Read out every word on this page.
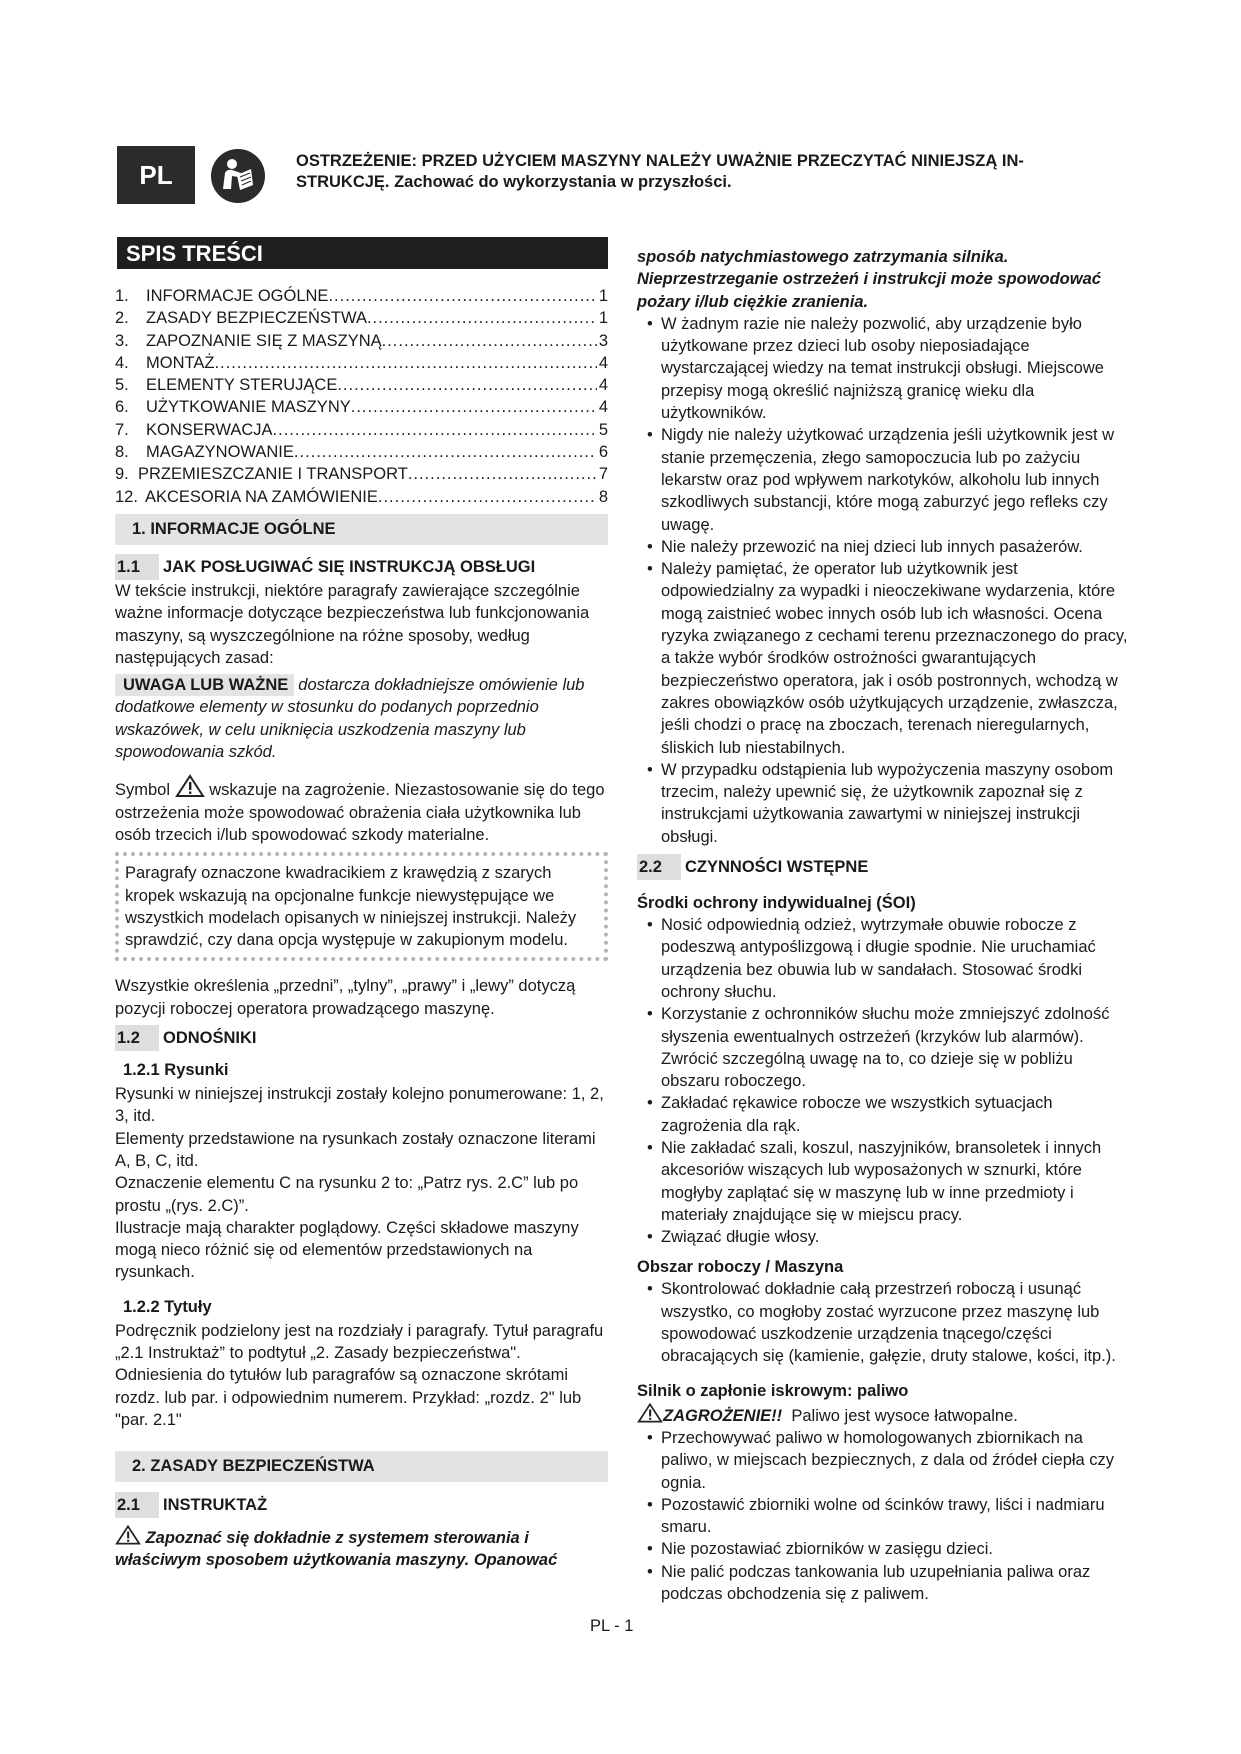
PL	OSTRZEŻENIE: PRZED UŻYCIEM MASZYNY NALEŻY UWAŻNIE PRZECZYTAĆ NINIEJSZĄ IN-STRUKCJĘ. Zachować do wykorzystania w przyszłości.
SPIS TREŚCI
1.	INFORMACJE OGÓLNE .....	1
2.	ZASADY BEZPIECZEŃSTWA .....	1
3.	ZAPOZNANIE SIĘ Z MASZYNĄ .....	3
4.	MONTAŻ .....	4
5.	ELEMENTY STERUJĄCE .....	4
6.	UŻYTKOWANIE MASZYNY .....	4
7.	KONSERWACJA .....	5
8.	MAGAZYNOWANIE .....	6
9. PRZEMIESZCZANIE I TRANSPORT .....	7
12. AKCESORIA NA ZAMÓWIENIE .....	8
1. INFORMACJE OGÓLNE
1.1 JAK POSŁUGIWAĆ SIĘ INSTRUKCJĄ OBSŁUGI

W tekście instrukcji, niektóre paragrafy zawierające szczególnie ważne informacje dotyczące bezpieczeństwa lub funkcjonowania maszyny, są wyszczególnione na różne sposoby, według następujących zasad:

UWAGA LUB WAŻNE dostarcza dokładniejsze omówienie lub dodatkowe elementy w stosunku do podanych poprzednio wskazówek, w celu uniknięcia uszkodzenia maszyny lub spowodowania szkód.

Symbol wskazuje na zagrożenie. Niezastosowanie się do tego ostrzeżenia może spowodować obrażenia ciała użytkownika lub osób trzecich i/lub spowodować szkody materialne.

Paragrafy oznaczone kwadracikiem z krawędzią z szarych kropek wskazują na opcjonalne funkcje niewystępujące we wszystkich modelach opisanych w niniejszej instrukcji. Należy sprawdzić, czy dana opcja występuje w zakupionym modelu.

Wszystkie określenia „przedni”, „tylny”, „prawy” i „lewy” dotyczą pozycji roboczej operatora prowadzącego maszynę.

1.2 ODNOŚNIKI
1.2.1 Rysunki

Rysunki w niniejszej instrukcji zostały kolejno ponumerowane: 1, 2, 3, itd.

Elementy przedstawione na rysunkach zostały oznaczone literami A, B, C, itd.

Oznaczenie elementu C na rysunku 2 to: „Patrz rys. 2.C” lub po prostu „(rys. 2.C)”.

Ilustracje mają charakter poglądowy. Części składowe maszyny mogą nieco różnić się od elementów przedstawionych na rysunkach.

1.2.2 Tytuły

Podręcznik podzielony jest na rozdziały i paragrafy. Tytuł paragrafu „2.1 Instruktaż” to podtytuł „2. Zasady bezpieczeństwa". Odniesienia do tytułów lub paragrafów są oznaczone skrótami rozdz. lub par. i odpowiednim numerem. Przykład: „rozdz. 2" lub "par. 2.1"

2. ZASADY BEZPIECZEŃSTWA
2.1 INSTRUKTAŻ

Zapoznać się dokładnie z systemem sterowania i właściwym sposobem użytkowania maszyny. Opanować

sposób natychmiastowego zatrzymania silnika. Nieprzestrzeganie ostrzeżeń i instrukcji może spowodować pożary i/lub ciężkie zranienia.

• W żadnym razie nie należy pozwolić, aby urządzenie było użytkowane przez dzieci lub osoby nieposiadające wystarczającej wiedzy na temat instrukcji obsługi. Miejscowe przepisy mogą określić najniższą granicę wieku dla użytkowników.

• Nigdy nie należy użytkować urządzenia jeśli użytkownik jest w stanie przemęczenia, złego samopoczucia lub po zażyciu lekarstw oraz pod wpływem narkotyków, alkoholu lub innych szkodliwych substancji, które mogą zaburzyć jego refleks czy uwagę.

• Nie należy przewozić na niej dzieci lub innych pasażerów.

• Należy pamiętać, że operator lub użytkownik jest odpowiedzialny za wypadki i nieoczekiwane wydarzenia, które mogą zaistnieć wobec innych osób lub ich własności. Ocena ryzyka związanego z cechami terenu przeznaczonego do pracy, a także wybór środków ostrożności gwarantujących bezpieczeństwo operatora, jak i osób postronnych, wchodzą w zakres obowiązków osób użytkujących urządzenie, zwłaszcza, jeśli chodzi o pracę na zboczach, terenach nieregularnych, śliskich lub niestabilnych.

• W przypadku odstąpienia lub wypożyczenia maszyny osobom trzecim, należy upewnić się, że użytkownik zapoznał się z instrukcjami użytkowania zawartymi w niniejszej instrukcji obsługi.

2.2 CZYNNOŚCI WSTĘPNE
Środki ochrony indywidualnej (ŚOI)

• Nosić odpowiednią odzież, wytrzymałe obuwie robocze z podeszwą antypoślizgową i długie spodnie. Nie uruchamiać urządzenia bez obuwia lub w sandałach. Stosować środki ochrony słuchu.

• Korzystanie z ochronników słuchu może zmniejszyć zdolność słyszenia ewentualnych ostrzeżeń (krzyków lub alarmów). Zwrócić szczególną uwagę na to, co dzieje się w pobliżu obszaru roboczego.

• Zakładać rękawice robocze we wszystkich sytuacjach zagrożenia dla rąk.

• Nie zakładać szali, koszul, naszyjników, bransoletek i innych akcesoriów wiszących lub wyposażonych w sznurki, które mogłyby zaplątać się w maszynę lub w inne przedmioty i materiały znajdujące się w miejscu pracy.

• Związać długie włosy.

Obszar roboczy / Maszyna

• Skontrolować dokładnie całą przestrzeń roboczą i usunąć wszystko, co mogłoby zostać wyrzucone przez maszynę lub spowodować uszkodzenie urządzenia tnącego/części obracających się (kamienie, gałęzie, druty stalowe, kości, itp.).

Silnik o zapłonie iskrowym: paliwo

ZAGROŻENIE!! Paliwo jest wysoce łatwopalne.

• Przechowywać paliwo w homologowanych zbiornikach na paliwo, w miejscach bezpiecznych, z dala od źródeł ciepła czy ognia.

• Pozostawić zbiorniki wolne od ścinków trawy, liści i nadmiaru smaru.

• Nie pozostawiać zbiorników w zasięgu dzieci.

• Nie palić podczas tankowania lub uzupełniania paliwa oraz podczas obchodzenia się z paliwem.

PL - 1
